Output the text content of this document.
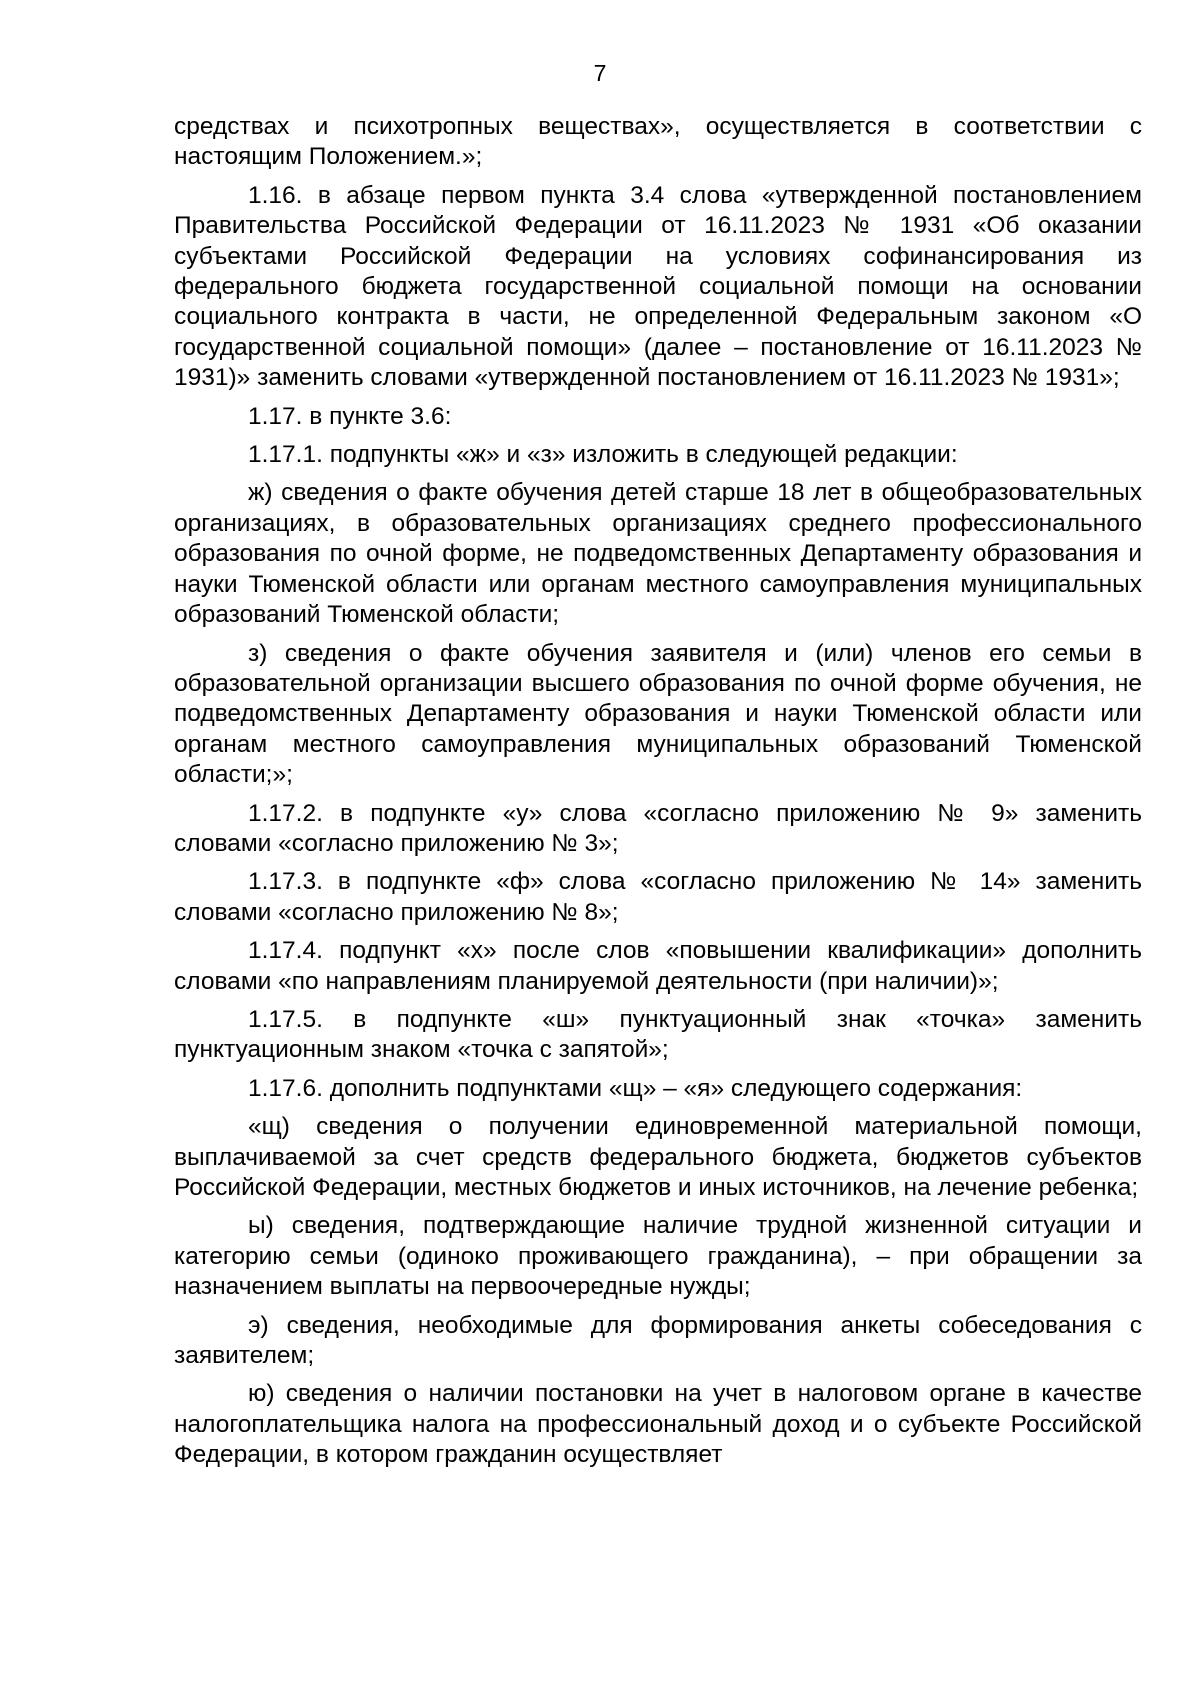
7

средствах и психотропных веществах», осуществляется в соответствии с настоящим Положением.»;

1.16. в абзаце первом пункта 3.4 слова «утвержденной постановлением Правительства Российской Федерации от 16.11.2023 № 1931 «Об оказании субъектами Российской Федерации на условиях софинансирования из федерального бюджета государственной социальной помощи на основании социального контракта в части, не определенной Федеральным законом «О государственной социальной помощи» (далее – постановление от 16.11.2023 № 1931)» заменить словами «утвержденной постановлением от 16.11.2023 № 1931»;

1.17. в пункте 3.6:

1.17.1. подпункты «ж» и «з» изложить в следующей редакции:

ж) сведения о факте обучения детей старше 18 лет в общеобразовательных организациях, в образовательных организациях среднего профессионального образования по очной форме, не подведомственных Департаменту образования и науки Тюменской области или органам местного самоуправления муниципальных образований Тюменской области;

з) сведения о факте обучения заявителя и (или) членов его семьи в образовательной организации высшего образования по очной форме обучения, не подведомственных Департаменту образования и науки Тюменской области или органам местного самоуправления муниципальных образований Тюменской области;»;

1.17.2. в подпункте «у» слова «согласно приложению № 9» заменить словами «согласно приложению № 3»;

1.17.3. в подпункте «ф» слова «согласно приложению № 14» заменить словами «согласно приложению № 8»;

1.17.4. подпункт «х» после слов «повышении квалификации» дополнить словами «по направлениям планируемой деятельности (при наличии)»;

1.17.5. в подпункте «ш» пунктуационный знак «точка» заменить пунктуационным знаком «точка с запятой»;

1.17.6. дополнить подпунктами «щ» – «я» следующего содержания:

«щ) сведения о получении единовременной материальной помощи, выплачиваемой за счет средств федерального бюджета, бюджетов субъектов Российской Федерации, местных бюджетов и иных источников, на лечение ребенка;

ы) сведения, подтверждающие наличие трудной жизненной ситуации и категорию семьи (одиноко проживающего гражданина), – при обращении за назначением выплаты на первоочередные нужды;

э) сведения, необходимые для формирования анкеты собеседования с заявителем;

ю) сведения о наличии постановки на учет в налоговом органе в качестве налогоплательщика налога на профессиональный доход и о субъекте Российской Федерации, в котором гражданин осуществляет
